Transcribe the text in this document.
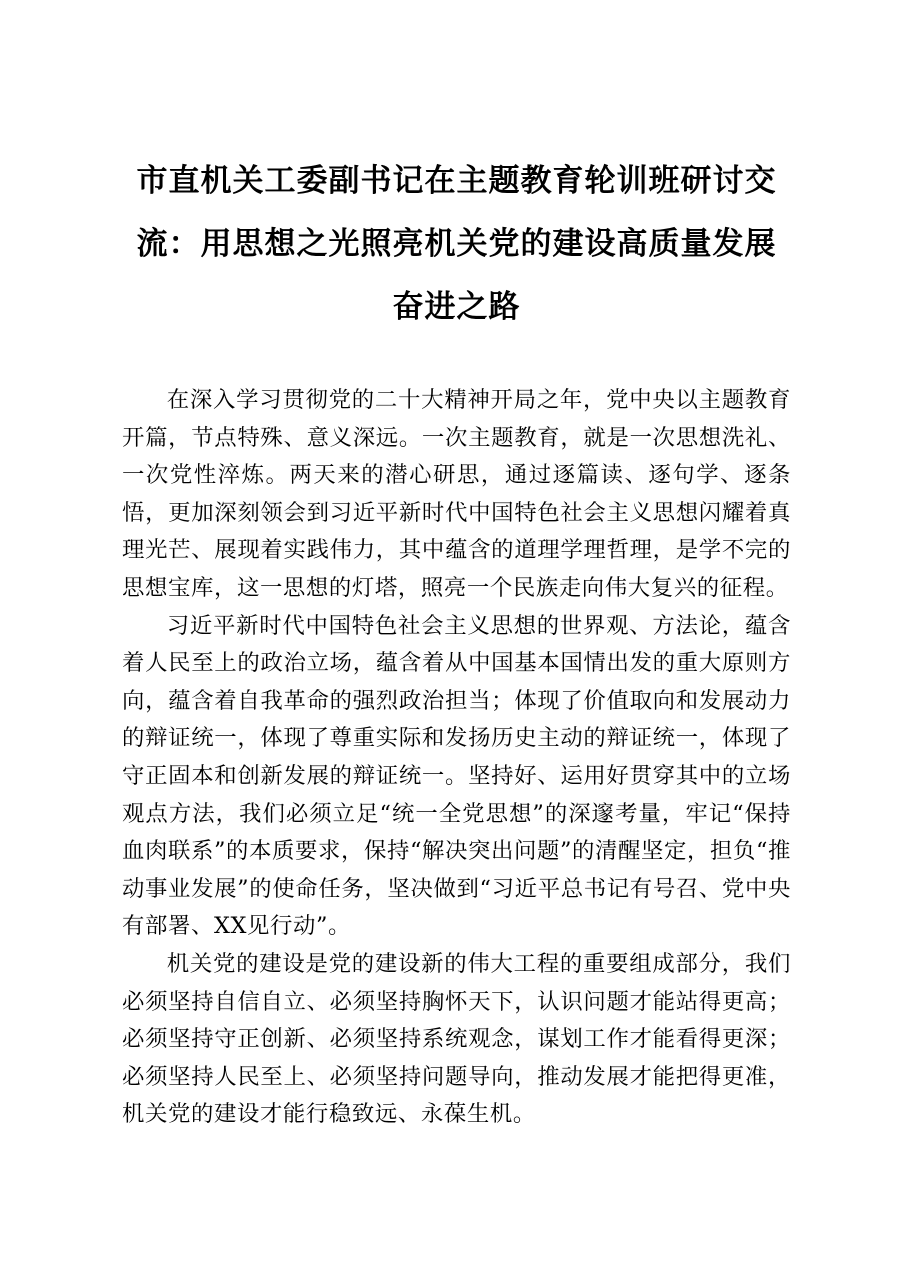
市直机关工委副书记在主题教育轮训班研讨交流：用思想之光照亮机关党的建设高质量发展奋进之路

在深入学习贯彻党的二十大精神开局之年，党中央以主题教育开篇，节点特殊、意义深远。一次主题教育，就是一次思想洗礼、一次党性淬炼。两天来的潜心研思，通过逐篇读、逐句学、逐条悟，更加深刻领会到习近平新时代中国特色社会主义思想闪耀着真理光芒、展现着实践伟力，其中蕴含的道理学理哲理，是学不完的思想宝库，这一思想的灯塔，照亮一个民族走向伟大复兴的征程。

习近平新时代中国特色社会主义思想的世界观、方法论，蕴含着人民至上的政治立场，蕴含着从中国基本国情出发的重大原则方向，蕴含着自我革命的强烈政治担当；体现了价值取向和发展动力的辩证统一，体现了尊重实际和发扬历史主动的辩证统一，体现了守正固本和创新发展的辩证统一。坚持好、运用好贯穿其中的立场观点方法，我们必须立足“统一全党思想”的深邃考量，牢记“保持血肉联系”的本质要求，保持“解决突出问题”的清醒坚定，担负“推动事业发展”的使命任务，坚决做到“习近平总书记有号召、党中央有部署、XX见行动”。

机关党的建设是党的建设新的伟大工程的重要组成部分，我们必须坚持自信自立、必须坚持胸怀天下，认识问题才能站得更高；必须坚持守正创新、必须坚持系统观念，谋划工作才能看得更深；必须坚持人民至上、必须坚持问题导向，推动发展才能把得更准，机关党的建设才能行稳致远、永葆生机。
